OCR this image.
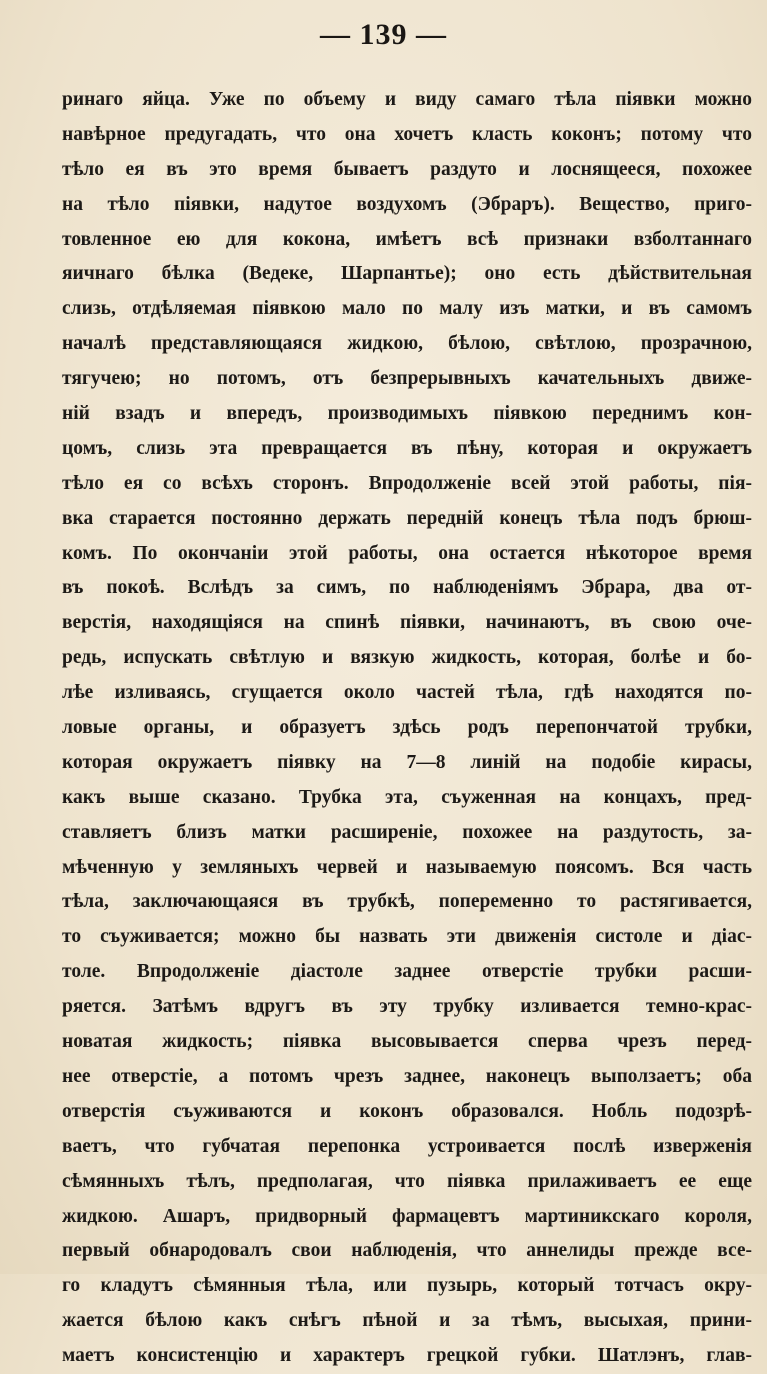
— 139 —
ринаго яйца. Уже по объему и виду самаго тѣла піявки можно
навѣрное предугадать, что она хочетъ класть коконъ; потому что
тѣло ея въ это время бываетъ раздуто и лоснящееся, похожее
на тѣло піявки, надутое воздухомъ (Эбраръ). Вещество, приго-
товленное ею для кокона, имѣетъ всѣ признаки взболтаннаго
яичнаго бѣлка (Ведеке, Шарпантье); оно есть дѣйствительная
слизь, отдѣляемая піявкою мало по малу изъ матки, и въ самомъ
началѣ представляющаяся жидкою, бѣлою, свѣтлою, прозрачною,
тягучею; но потомъ, отъ безпрерывныхъ качательныхъ движе-
ній взадъ и впередъ, производимыхъ піявкою переднимъ кон-
цомъ, слизь эта превращается въ пѣну, которая и окружаетъ
тѣло ея со всѣхъ сторонъ. Впродолженіе всей этой работы, пія-
вка старается постоянно держать передній конецъ тѣла подъ брюш-
комъ. По окончаніи этой работы, она остается нѣкоторое время
въ покоѣ. Вслѣдъ за симъ, по наблюденіямъ Эбрара, два от-
верстія, находящіяся на спинѣ піявки, начинаютъ, въ свою оче-
редь, испускать свѣтлую и вязкую жидкость, которая, болѣе и бо-
лѣе изливаясь, сгущается около частей тѣла, гдѣ находятся по-
ловые органы, и образуетъ здѣсь родъ перепончатой трубки,
которая окружаетъ піявку на 7—8 линій на подобіе кирасы,
какъ выше сказано. Трубка эта, съуженная на концахъ, пред-
ставляетъ близъ матки расширеніе, похожее на раздутость, за-
мѣченную у земляныхъ червей и называемую поясомъ. Вся часть
тѣла, заключающаяся въ трубкѣ, попеременно то растягивается,
то съуживается; можно бы назвать эти движенія систоле и діас-
толе. Впродолженіе діастоле заднее отверстіе трубки расши-
ряется. Затѣмъ вдругъ въ эту трубку изливается темно-крас-
новатая жидкость; піявка высовывается сперва чрезъ перед-
нее отверстіе, а потомъ чрезъ заднее, наконецъ выползаетъ; оба
отверстія съуживаются и коконъ образовался. Нобль подозрѣ-
ваетъ, что губчатая перепонка устроивается послѣ изверженія
сѣмянныхъ тѣлъ, предполагая, что піявка прилаживаетъ ее еще
жидкою. Ашаръ, придворный фармацевтъ мартиникскаго короля,
первый обнародовалъ свои наблюденія, что аннелиды прежде все-
го кладутъ сѣмянныя тѣла, или пузырь, который тотчасъ окру-
жается бѣлою какъ снѣгъ пѣной и за тѣмъ, высыхая, прини-
маетъ консистенцію и характеръ грецкой губки. Шатлэнъ, глав-
